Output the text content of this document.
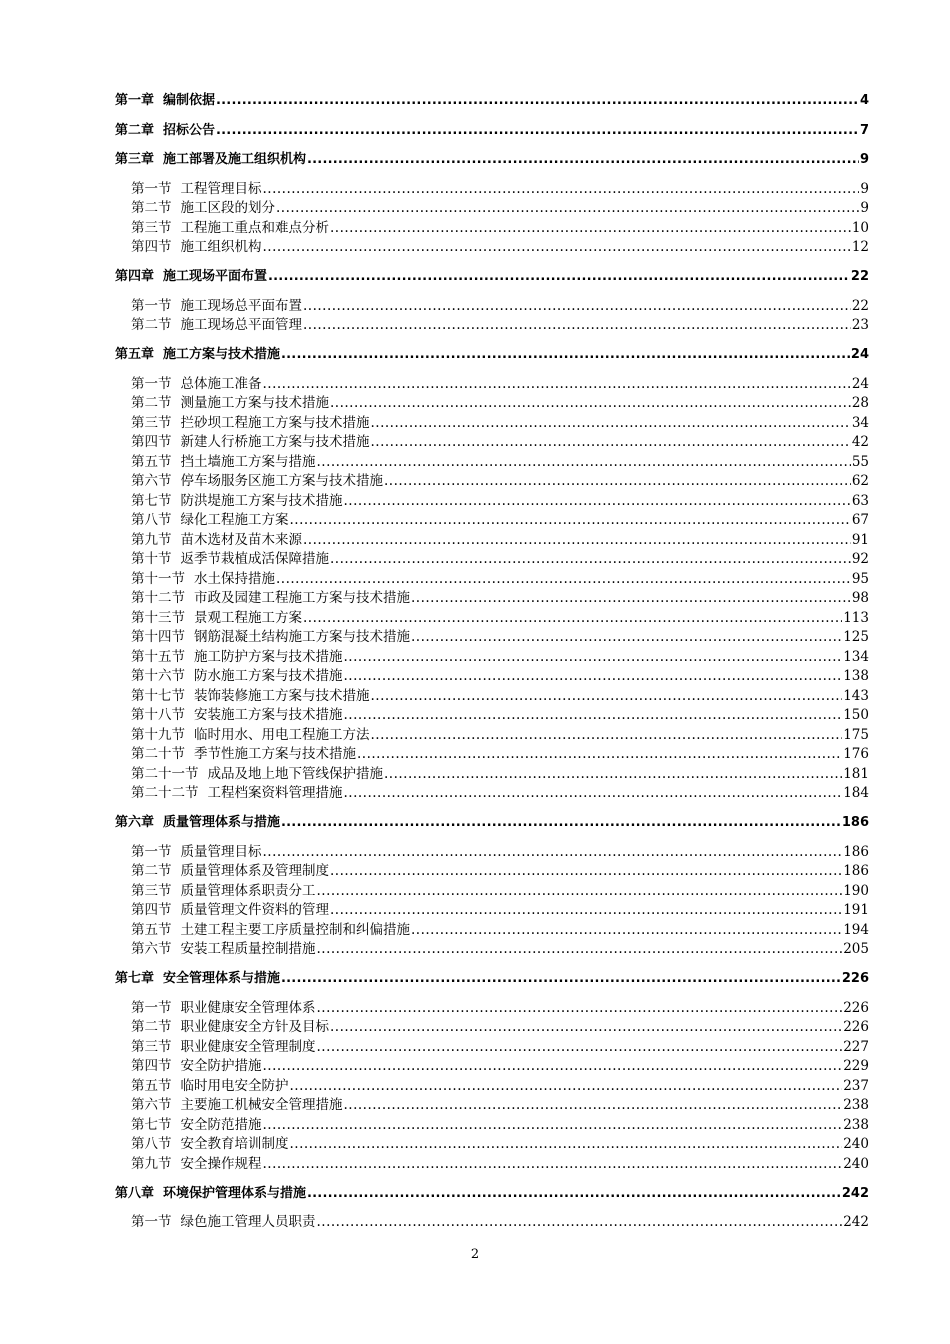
第一章 编制依据 .....	4
第二章 招标公告 .....	7
第三章 施工部署及施工组织机构 .....	9
第一节 工程管理目标 .....	9
第二节 施工区段的划分 .....	9
第三节 工程施工重点和难点分析 .....	10
第四节 施工组织机构 .....	12
第四章 施工现场平面布置 .....	22
第一节 施工现场总平面布置 .....	22
第二节 施工现场总平面管理 .....	23
第五章 施工方案与技术措施 .....	24
第一节 总体施工准备 .....	24
第二节 测量施工方案与技术措施 .....	28
第三节 拦砂坝工程施工方案与技术措施 .....	34
第四节 新建人行桥施工方案与技术措施 .....	42
第五节 挡土墙施工方案与措施 .....	55
第六节 停车场服务区施工方案与技术措施 .....	62
第七节 防洪堤施工方案与技术措施 .....	63
第八节 绿化工程施工方案 .....	67
第九节 苗木选材及苗木来源 .....	91
第十节 返季节栽植成活保障措施 .....	92
第十一节 水土保持措施 .....	95
第十二节 市政及园建工程施工方案与技术措施 .....	98
第十三节 景观工程施工方案 .....	113
第十四节 钢筋混凝土结构施工方案与技术措施 .....	125
第十五节 施工防护方案与技术措施 .....	134
第十六节 防水施工方案与技术措施 .....	138
第十七节 装饰装修施工方案与技术措施 .....	143
第十八节 安装施工方案与技术措施 .....	150
第十九节 临时用水、用电工程施工方法 .....	175
第二十节 季节性施工方案与技术措施 .....	176
第二十一节 成品及地上地下管线保护措施 .....	181
第二十二节 工程档案资料管理措施 .....	184
第六章 质量管理体系与措施 .....	186
第一节 质量管理目标 .....	186
第二节 质量管理体系及管理制度 .....	186
第三节 质量管理体系职责分工 .....	190
第四节 质量管理文件资料的管理 .....	191
第五节 土建工程主要工序质量控制和纠偏措施 .....	194
第六节 安装工程质量控制措施 .....	205
第七章 安全管理体系与措施 .....	226
第一节 职业健康安全管理体系 .....	226
第二节 职业健康安全方针及目标 .....	226
第三节 职业健康安全管理制度 .....	227
第四节 安全防护措施 .....	229
第五节 临时用电安全防护 .....	237
第六节 主要施工机械安全管理措施 .....	238
第七节 安全防范措施 .....	238
第八节 安全教育培训制度 .....	240
第九节 安全操作规程 .....	240
第八章 环境保护管理体系与措施 .....	242
第一节 绿色施工管理人员职责 .....	242
2
